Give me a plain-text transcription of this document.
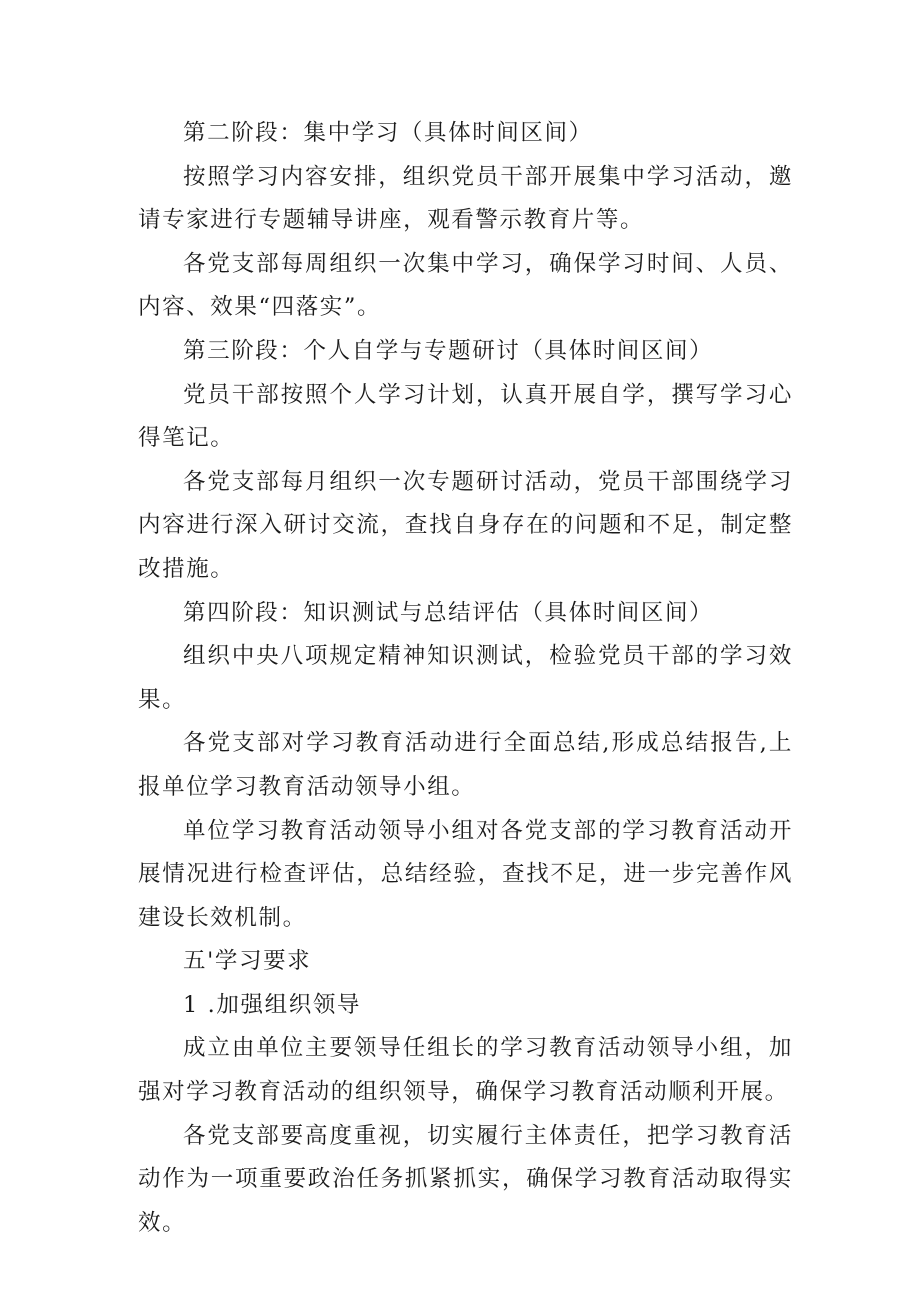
第二阶段：集中学习（具体时间区间）

按照学习内容安排，组织党员干部开展集中学习活动，邀请专家进行专题辅导讲座，观看警示教育片等。

各党支部每周组织一次集中学习，确保学习时间、人员、内容、效果“四落实”。

第三阶段：个人自学与专题研讨（具体时间区间）

党员干部按照个人学习计划，认真开展自学，撰写学习心得笔记。

各党支部每月组织一次专题研讨活动，党员干部围绕学习内容进行深入研讨交流，查找自身存在的问题和不足，制定整改措施。

第四阶段：知识测试与总结评估（具体时间区间）

组织中央八项规定精神知识测试，检验党员干部的学习效果。

各党支部对学习教育活动进行全面总结,形成总结报告,上报单位学习教育活动领导小组。

单位学习教育活动领导小组对各党支部的学习教育活动开展情况进行检查评估，总结经验，查找不足，进一步完善作风建设长效机制。

五'学习要求

1 .加强组织领导

成立由单位主要领导任组长的学习教育活动领导小组，加强对学习教育活动的组织领导，确保学习教育活动顺利开展。

各党支部要高度重视，切实履行主体责任，把学习教育活动作为一项重要政治任务抓紧抓实，确保学习教育活动取得实效。
